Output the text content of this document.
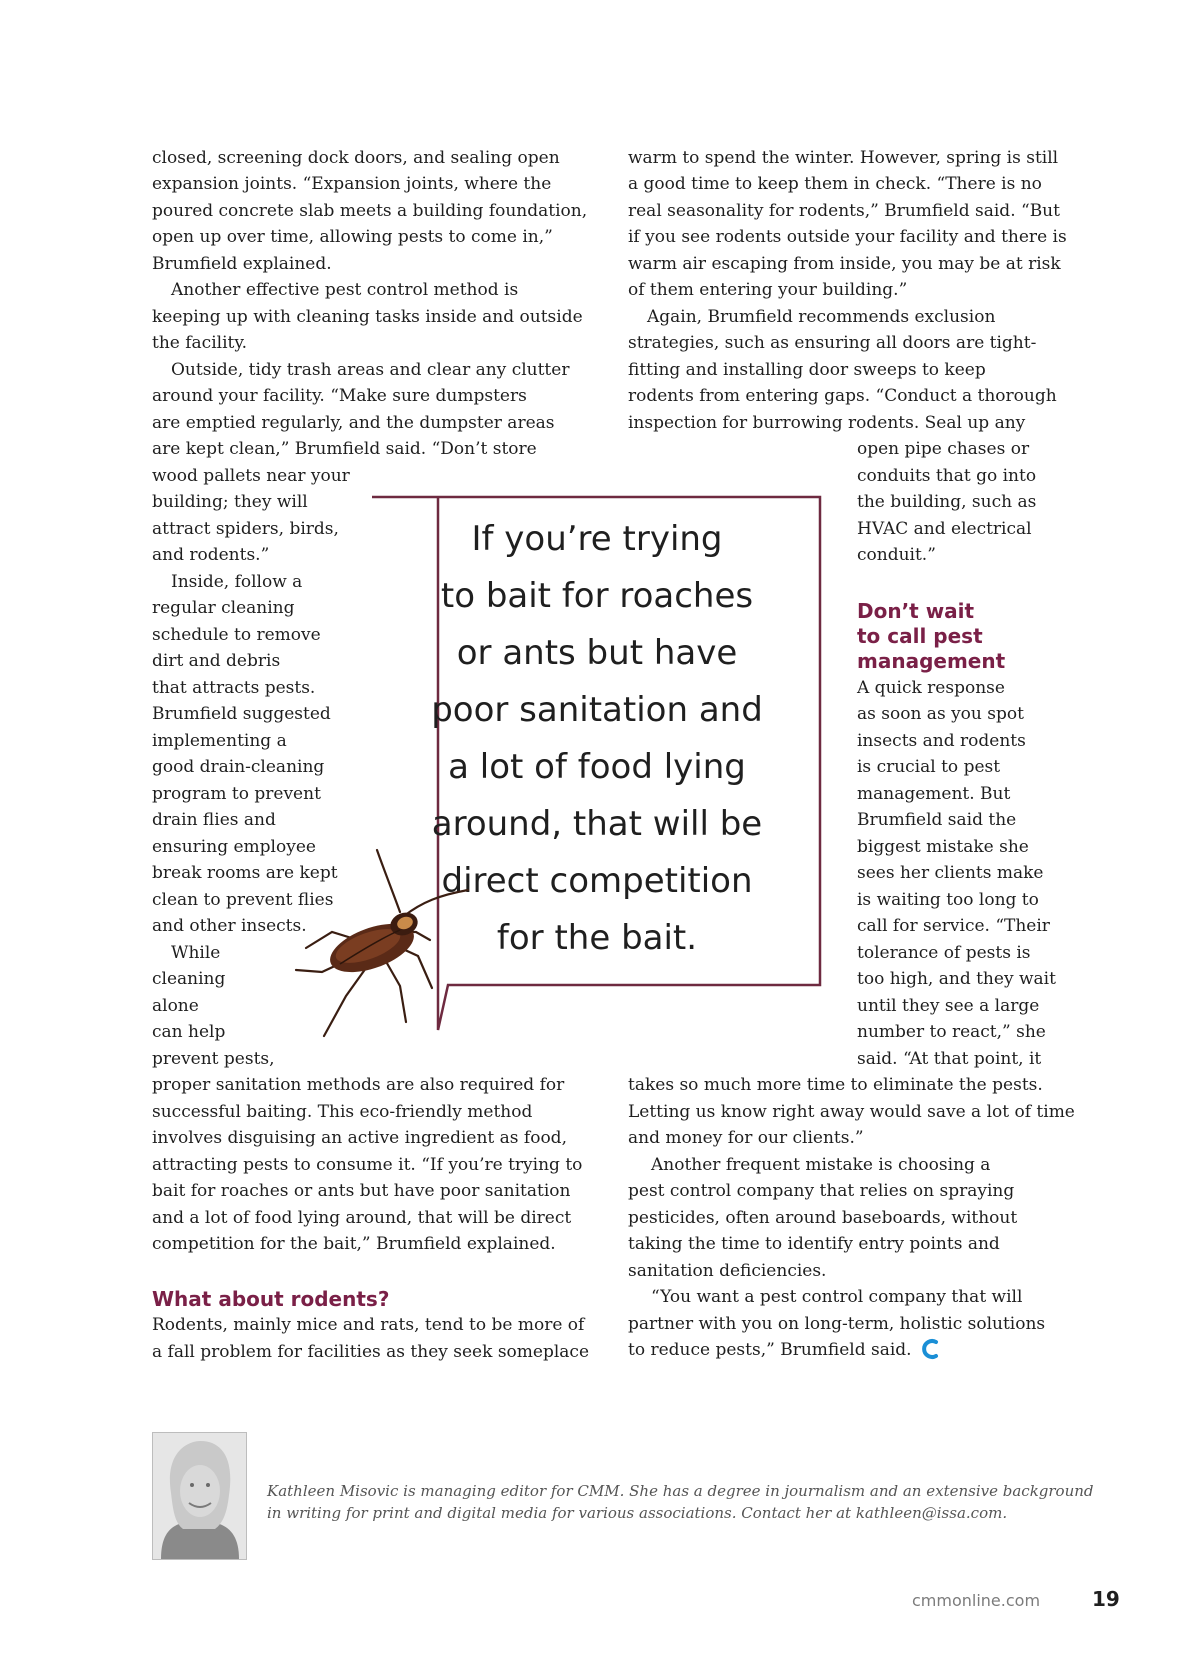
closed, screening dock doors, and sealing open
expansion joints. “Expansion joints, where the
poured concrete slab meets a building foundation,
open up over time, allowing pests to come in,”
Brumfield explained.
Another effective pest control method is
keeping up with cleaning tasks inside and outside
the facility.
Outside, tidy trash areas and clear any clutter
around your facility. “Make sure dumpsters
are emptied regularly, and the dumpster areas
are kept clean,” Brumfield said. “Don’t store
wood pallets near your
building; they will
attract spiders, birds,
and rodents.”
Inside, follow a
regular cleaning
schedule to remove
dirt and debris
that attracts pests.
Brumfield suggested
implementing a
good drain-cleaning
program to prevent
drain flies and
ensuring employee
break rooms are kept
clean to prevent flies
and other insects.
While
cleaning
alone
can help
prevent pests,
proper sanitation methods are also required for
successful baiting. This eco-friendly method
involves disguising an active ingredient as food,
attracting pests to consume it. “If you’re trying to
bait for roaches or ants but have poor sanitation
and a lot of food lying around, that will be direct
competition for the bait,” Brumfield explained.
What about rodents?
Rodents, mainly mice and rats, tend to be more of
a fall problem for facilities as they seek someplace
warm to spend the winter. However, spring is still
a good time to keep them in check. “There is no
real seasonality for rodents,” Brumfield said. “But
if you see rodents outside your facility and there is
warm air escaping from inside, you may be at risk
of them entering your building.”
Again, Brumfield recommends exclusion
strategies, such as ensuring all doors are tight-
fitting and installing door sweeps to keep
rodents from entering gaps. “Conduct a thorough
inspection for burrowing rodents. Seal up any
open pipe chases or
conduits that go into
the building, such as
HVAC and electrical
conduit.”
Don’t wait
to call pest
management
A quick response
as soon as you spot
insects and rodents
is crucial to pest
management. But
Brumfield said the
biggest mistake she
sees her clients make
is waiting too long to
call for service. “Their
tolerance of pests is
too high, and they wait
until they see a large
number to react,” she
said. “At that point, it
takes so much more time to eliminate the pests.
Letting us know right away would save a lot of time
and money for our clients.”
Another frequent mistake is choosing a
pest control company that relies on spraying
pesticides, often around baseboards, without
taking the time to identify entry points and
sanitation deficiencies.
“You want a pest control company that will
partner with you on long-term, holistic solutions
to reduce pests,” Brumfield said.
If you’re trying
to bait for roaches
or ants but have
poor sanitation and
a lot of food lying
around, that will be
direct competition
for the bait.
Kathleen Misovic is managing editor for CMM. She has a degree in journalism and an extensive background
in writing for print and digital media for various associations. Contact her at kathleen@issa.com.
cmmonline.com	19
